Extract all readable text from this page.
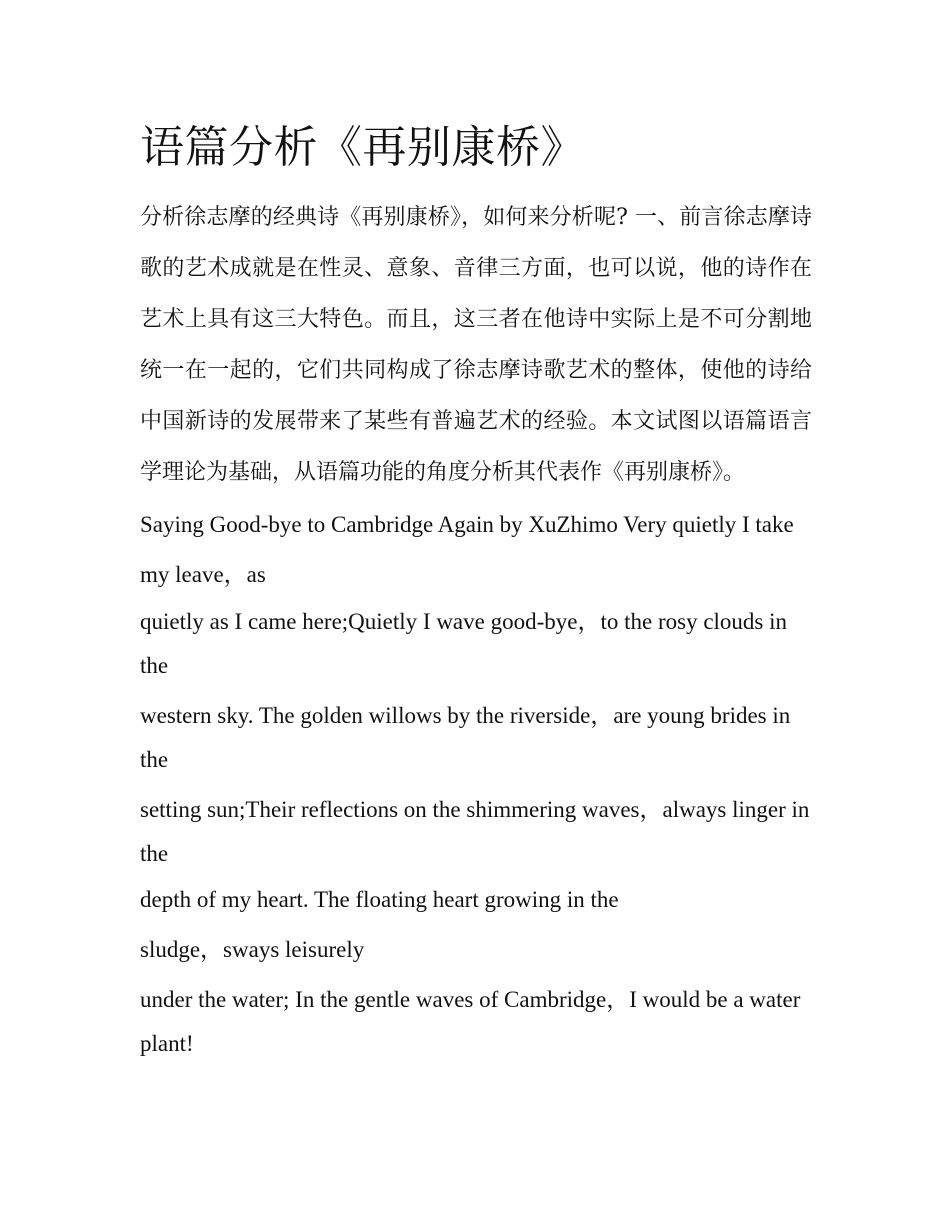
语篇分析《再别康桥》

分析徐志摩的经典诗《再别康桥》，如何来分析呢? 一、前言徐志摩诗歌的艺术成就是在性灵、意象、音律三方面，也可以说，他的诗作在艺术上具有这三大特色。而且，这三者在他诗中实际上是不可分割地统一在一起的，它们共同构成了徐志摩诗歌艺术的整体，使他的诗给中国新诗的发展带来了某些有普遍艺术的经验。本文试图以语篇语言学理论为基础，从语篇功能的角度分析其代表作《再别康桥》。

Saying Good-bye to Cambridge Again by XuZhimo Very quietly I take my leave，as

quietly as I came here;Quietly I wave good-bye，to the rosy clouds in the

western sky. The golden willows by the riverside，are young brides in the

setting sun;Their reflections on the shimmering waves，always linger in the

depth of my heart. The floating heart growing in the

sludge，sways leisurely

under the water; In the gentle waves of Cambridge，I would be a water plant!
